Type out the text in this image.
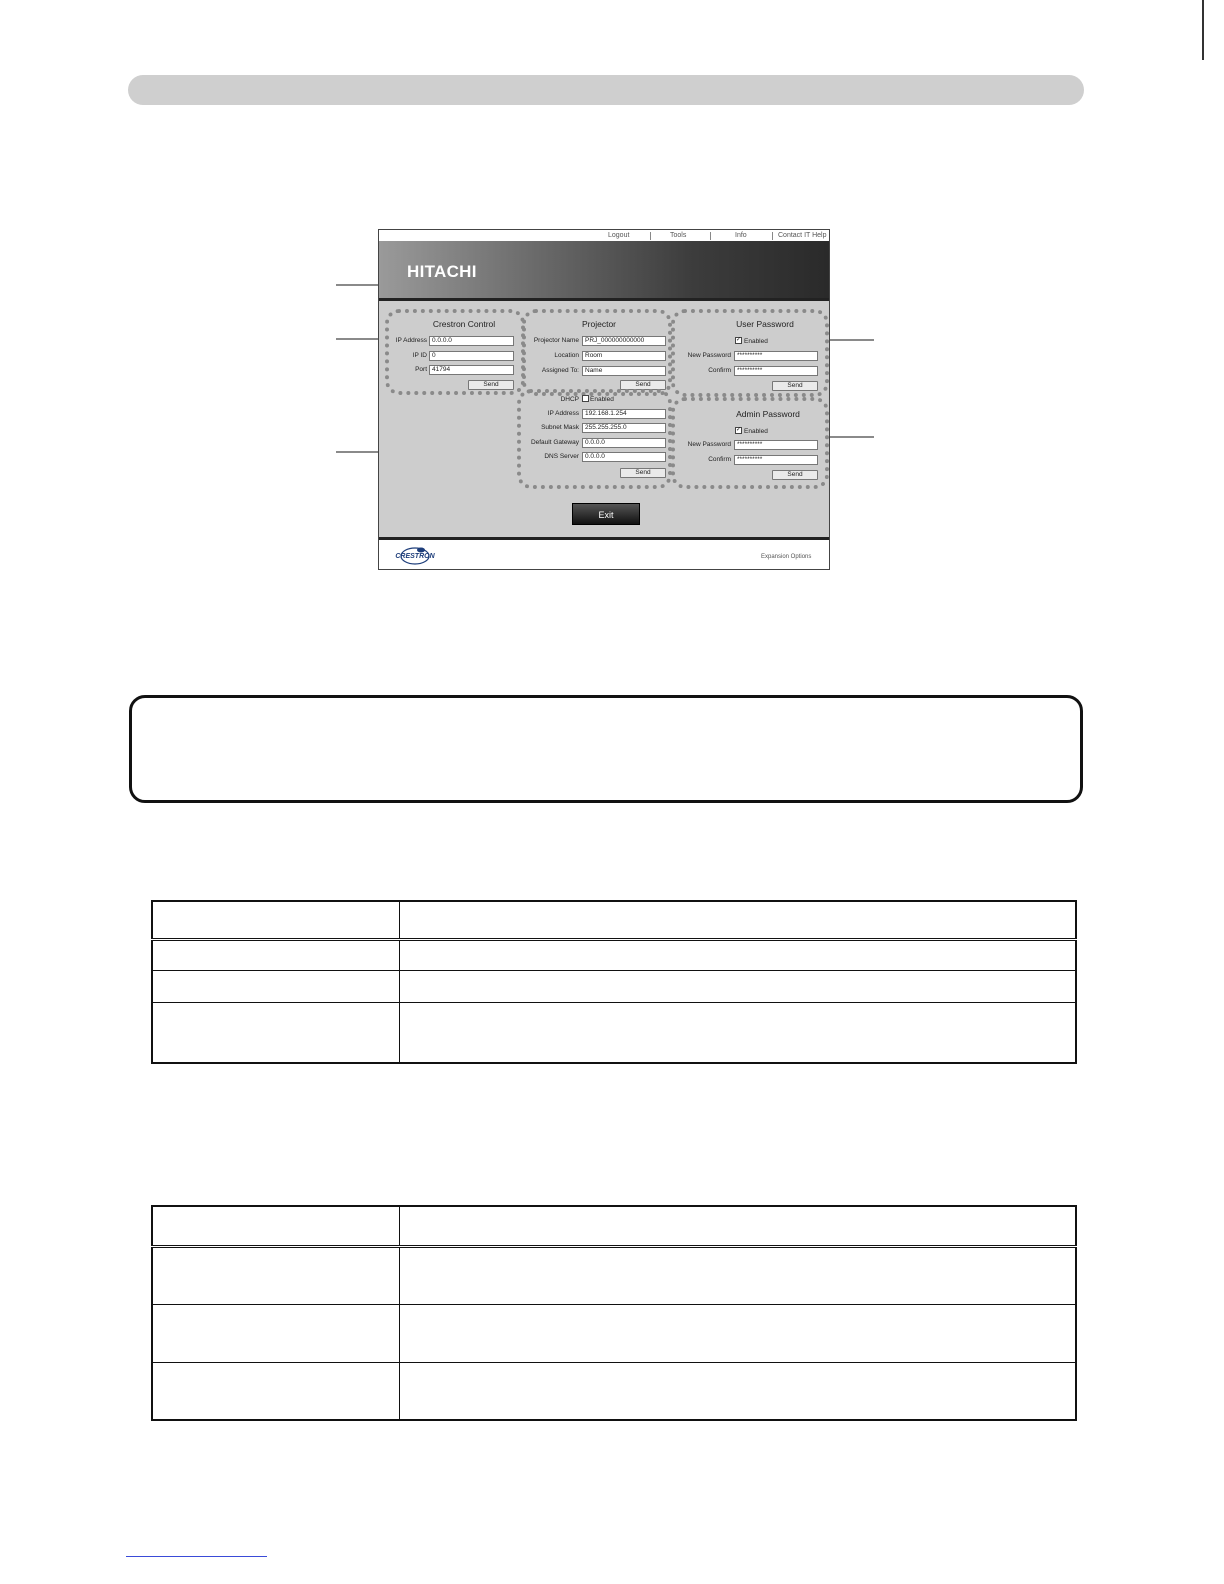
Logout	Tools	Info	Contact IT Help
HITACHI
Crestron Control
IP Address 0.0.0.0
IP ID 0
Port 41794
Send
Projector
Projector Name PRJ_000000000000
Location Room
Assigned To: Name
Send
DHCP Enabled
IP Address 192.168.1.254
Subnet Mask 255.255.255.0
Default Gateway 0.0.0.0
DNS Server 0.0.0.0
Send
User Password
✓ Enabled
New Password **********
Confirm **********
Send
Admin Password
✓ Enabled
New Password **********
Confirm **********
Send
Exit
CRESTRON	Expansion Options
